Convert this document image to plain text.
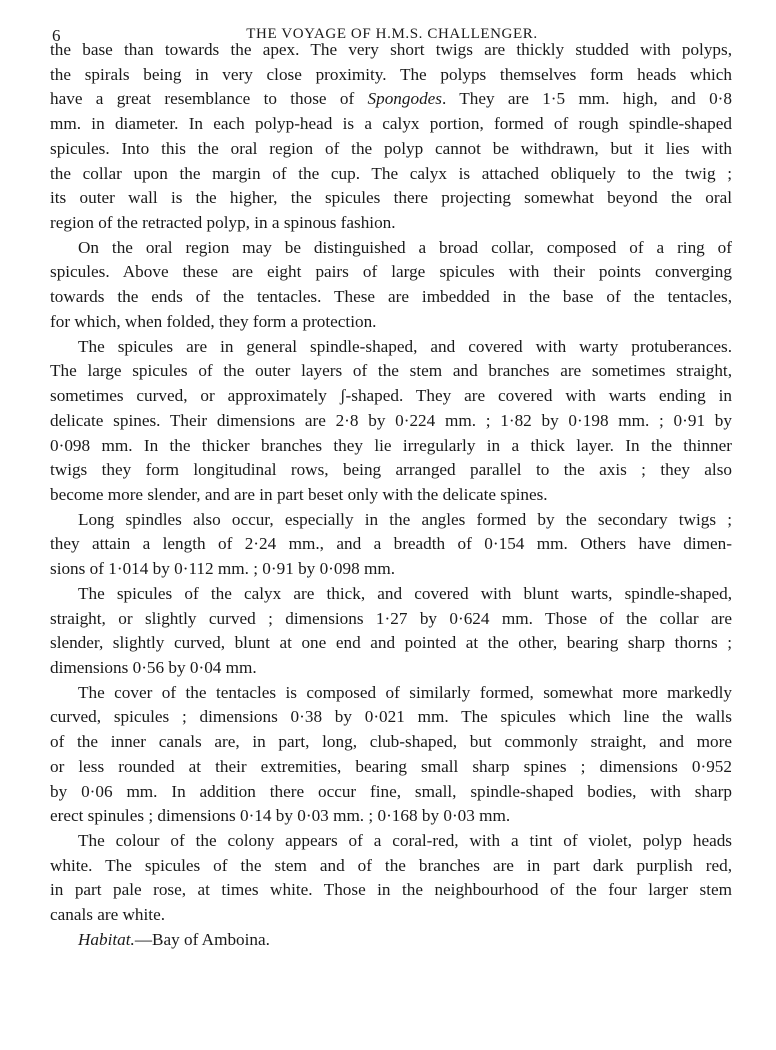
6	THE VOYAGE OF H.M.S. CHALLENGER.
the base than towards the apex. The very short twigs are thickly studded with polyps,
the spirals being in very close proximity. The polyps themselves form heads which
have a great resemblance to those of Spongodes. They are 1·5 mm. high, and 0·8
mm. in diameter. In each polyp-head is a calyx portion, formed of rough spindle-shaped
spicules. Into this the oral region of the polyp cannot be withdrawn, but it lies with
the collar upon the margin of the cup. The calyx is attached obliquely to the twig ;
its outer wall is the higher, the spicules there projecting somewhat beyond the oral
region of the retracted polyp, in a spinous fashion.
On the oral region may be distinguished a broad collar, composed of a ring of
spicules. Above these are eight pairs of large spicules with their points converging
towards the ends of the tentacles. These are imbedded in the base of the tentacles,
for which, when folded, they form a protection.
The spicules are in general spindle-shaped, and covered with warty protuberances.
The large spicules of the outer layers of the stem and branches are sometimes straight,
sometimes curved, or approximately ʃ-shaped. They are covered with warts ending in
delicate spines. Their dimensions are 2·8 by 0·224 mm. ; 1·82 by 0·198 mm. ; 0·91 by
0·098 mm. In the thicker branches they lie irregularly in a thick layer. In the thinner
twigs they form longitudinal rows, being arranged parallel to the axis ; they also
become more slender, and are in part beset only with the delicate spines.
Long spindles also occur, especially in the angles formed by the secondary twigs ;
they attain a length of 2·24 mm., and a breadth of 0·154 mm. Others have dimen-
sions of 1·014 by 0·112 mm. ; 0·91 by 0·098 mm.
The spicules of the calyx are thick, and covered with blunt warts, spindle-shaped,
straight, or slightly curved ; dimensions 1·27 by 0·624 mm. Those of the collar are
slender, slightly curved, blunt at one end and pointed at the other, bearing sharp thorns ;
dimensions 0·56 by 0·04 mm.
The cover of the tentacles is composed of similarly formed, somewhat more markedly
curved, spicules ; dimensions 0·38 by 0·021 mm. The spicules which line the walls
of the inner canals are, in part, long, club-shaped, but commonly straight, and more
or less rounded at their extremities, bearing small sharp spines ; dimensions 0·952
by 0·06 mm. In addition there occur fine, small, spindle-shaped bodies, with sharp
erect spinules ; dimensions 0·14 by 0·03 mm. ; 0·168 by 0·03 mm.
The colour of the colony appears of a coral-red, with a tint of violet, polyp heads
white. The spicules of the stem and of the branches are in part dark purplish red,
in part pale rose, at times white. Those in the neighbourhood of the four larger stem
canals are white.
Habitat.—Bay of Amboina.
